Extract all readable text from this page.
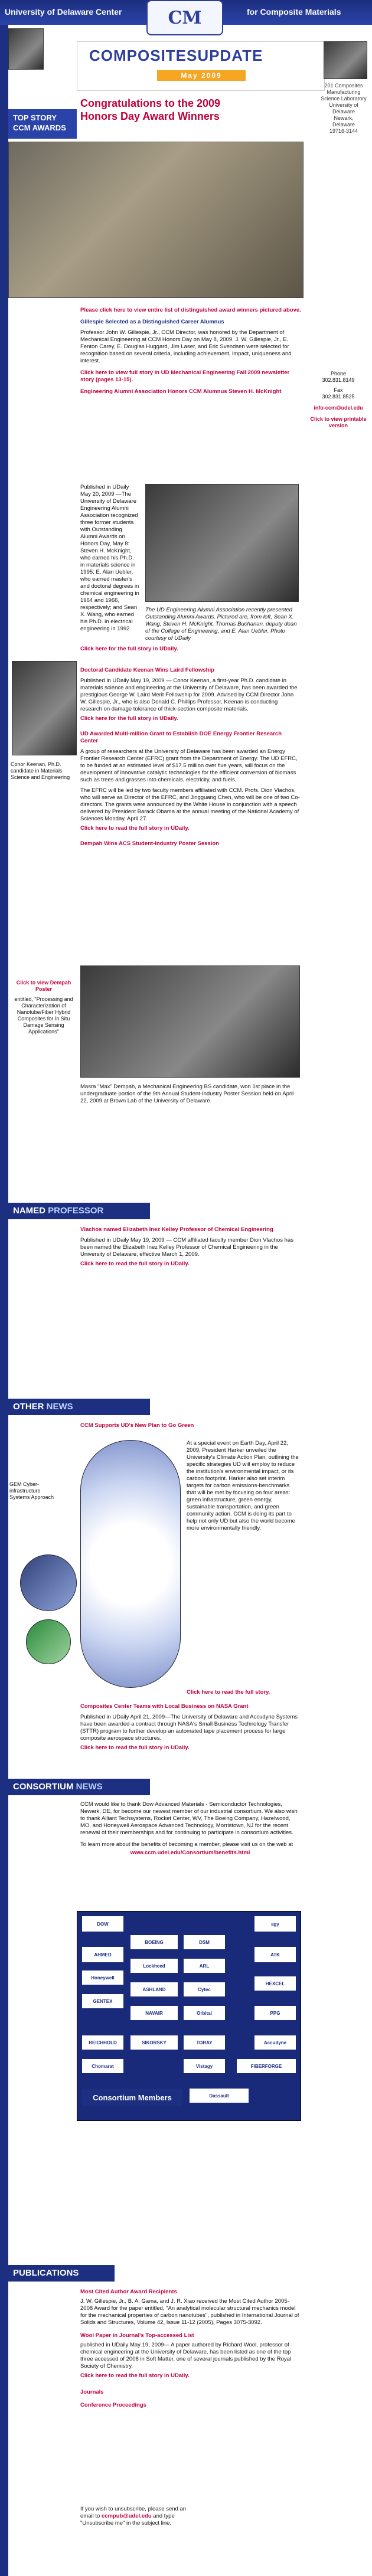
University of Delaware Center	for Composite Materials
CM
COMPOSITESUPDATE
May 2009
201 Composites
Manufacturing
Science Laboratory
University of
Delaware
Newark,
Delaware
19716-3144
Congratulations to the 2009 Honors Day Award Winners
TOP STORY
CCM AWARDS
Phone
302.831.8149
Fax
302.831.8525
info-ccm@udel.edu
Click to view printable version

Please click here to view entire list of distinguished award winners pictured above.

Gillespie Selected as a Distinguished Career Alumnus

Professor John W. Gillespie, Jr., CCM Director, was honored by the Department of Mechanical Engineering at CCM Honors Day on May 8, 2009. J. W. Gillespie, Jr., E. Fenton Carey, E. Douglas Huggard, Jim Laser, and Eric Svendsen were selected for recognition based on several criteria, including achievement, impact, uniqueness and interest.

Click here to view full story in UD Mechanical Engineering Fall 2009 newsletter story (pages 13-15).

Engineering Alumni Association Honors CCM Alumnus Steven H. McKnight

Published in UDaily May 20, 2009 —The University of Delaware Engineering Alumni Association recognized three former students with Outstanding Alumni Awards on Honors Day, May 8: Steven H. McKnight, who earned his Ph.D. in materials science in 1995; E. Alan Uebler, who earned master's and doctoral degrees in chemical engineering in 1964 and 1966, respectively; and Sean X. Wang, who earned his Ph.D. in electrical engineering in 1992.
The UD Engineering Alumni Association recently presented Outstanding Alumni Awards. Pictured are, from left, Sean X. Wang, Steven H. McKnight, Thomas Buchanan, deputy dean of the College of Engineering, and E. Alan Uebler. Photo courtesy of UDaily
Click here for the full story in UDaily.
Conor Keenan, Ph.D. candidate in Materials Science and Engineering

Doctoral Candidate Keenan Wins Laird Fellowship

Published in UDaily May 19, 2009 — Conor Keenan, a first-year Ph.D. candidate in materials science and engineering at the University of Delaware, has been awarded the prestigious George W. Laird Merit Fellowship for 2009. Advised by CCM Director John W. Gillespie, Jr., who is also Donald C. Phillips Professor, Keenan is conducting research on damage tolerance of thick-section composite materials.

Click here for the full story in UDaily.

UD Awarded Multi-million Grant to Establish DOE Energy Frontier Research Center

A group of researchers at the University of Delaware has been awarded an Energy Frontier Research Center (EFRC) grant from the Department of Energy. The UD EFRC, to be funded at an estimated level of $17.5 million over five years, will focus on the development of innovative catalytic technologies for the efficient conversion of biomass such as trees and grasses into chemicals, electricity, and fuels.

The EFRC will be led by two faculty members affiliated with CCM. Profs. Dion Vlachos, who will serve as Director of the EFRC, and Jingguang Chen, who will be one of two Co-directors. The grants were announced by the White House in conjunction with a speech delivered by President Barack Obama at the annual meeting of the National Academy of Sciences Monday, April 27.

Click here to read the full story in UDaily.

Dempah Wins ACS Student-Industry Poster Session

Click to view Dempah Poster
entitled, "Processing and Characterization of Nanotube/Fiber Hybrid Composites for In Situ Damage Sensing Applications"
Masra "Max" Dempah, a Mechanical Engineering BS candidate, won 1st place in the undergraduate portion of the 9th Annual Student-Industry Poster Session held on April 22, 2009 at Brown Lab of the University of Delaware.
NAMED PROFESSOR

Vlachos named Elizabeth Inez Kelley Professor of Chemical Engineering

Published in UDaily May 19, 2009 — CCM affiliated faculty member Dion Vlachos has been named the Elizabeth Inez Kelley Professor of Chemical Engineering in the University of Delaware, effective March 1, 2009.

Click here to read the full story in UDaily.

OTHER NEWS
CCM Supports UD's New Plan to Go Green
GEM Cyber-infrastructure Systems Approach
At a special event on Earth Day, April 22, 2009, President Harker unveiled the University's Climate Action Plan, outlining the specific strategies UD will employ to reduce the institution's environmental impact, or its carbon footprint. Harker also set interim targets for carbon emissions-benchmarks that will be met by focusing on four areas: green infrastructure, green energy, sustainable transportation, and green community action. CCM is doing its part to help not only UD but also the world become more environmentally friendly.
Click here to read the full story.

Composites Center Teams with Local Business on NASA Grant

Published in UDaily April 21, 2009—The University of Delaware and Accudyne Systems have been awarded a contract through NASA's Small Business Technology Transfer (STTR) program to further develop an automated tape placement process for large composite aerospace structures.

Click here to read the full story in UDaily.

CONSORTIUM NEWS

CCM would like to thank Dow Advanced Materials - Semiconductor Technologies, Newark, DE, for become our newest member of our industrial consortium. We also wish to thank Alliant Techsystems, Rocket Center, WV, The Boeing Company, Hazelwood, MO, and Honeywell Aerospace Advanced Technology, Morristown, NJ for the recent renewal of their memberships and for continuing to participate in consortium activities.

To learn more about the benefits of becoming a member, please visit us on the web at

www.ccm.udel.edu/Consortium/benefits.html

DOW	agy
AHMED	ATK
BOEING
Honeywell
DSM
Lockheed	ARL
GENTEX
ASHLAND	Cytec
HEXCEL
NAVAIR	Orbital	PPG
REICHHOLD	SIKORSKY	TORAY
Vistagy	FIBERFORGE
Consortium Members
Chomarat
Accudyne
Dassault
PUBLICATIONS

Most Cited Author Award Recipients

J. W. Gillespie, Jr., B. A. Gama, and J. R. Xiao received the Most Cited Author 2005-2008 Award for the paper entitled, "An analytical molecular structural mechanics model for the mechanical properties of carbon nanotubes", published in International Journal of Solids and Structures, Volume 42, Issue 11-12 (2005), Pages 3075-3092.

Wool Paper in Journal's Top-accessed List

published in UDaily May 19, 2009— A paper authored by Richard Wool, professor of chemical engineering at the University of Delaware, has been listed as one of the top three accessed of 2008 in Soft Matter, one of several journals published by the Royal Society of Chemistry.

Click here to read the full story in UDaily.

Journals

Conference Proceedings

If you wish to unsubscribe, please send an email to ccmpub@udel.edu and type "Unsubscribe me" in the subject line.
